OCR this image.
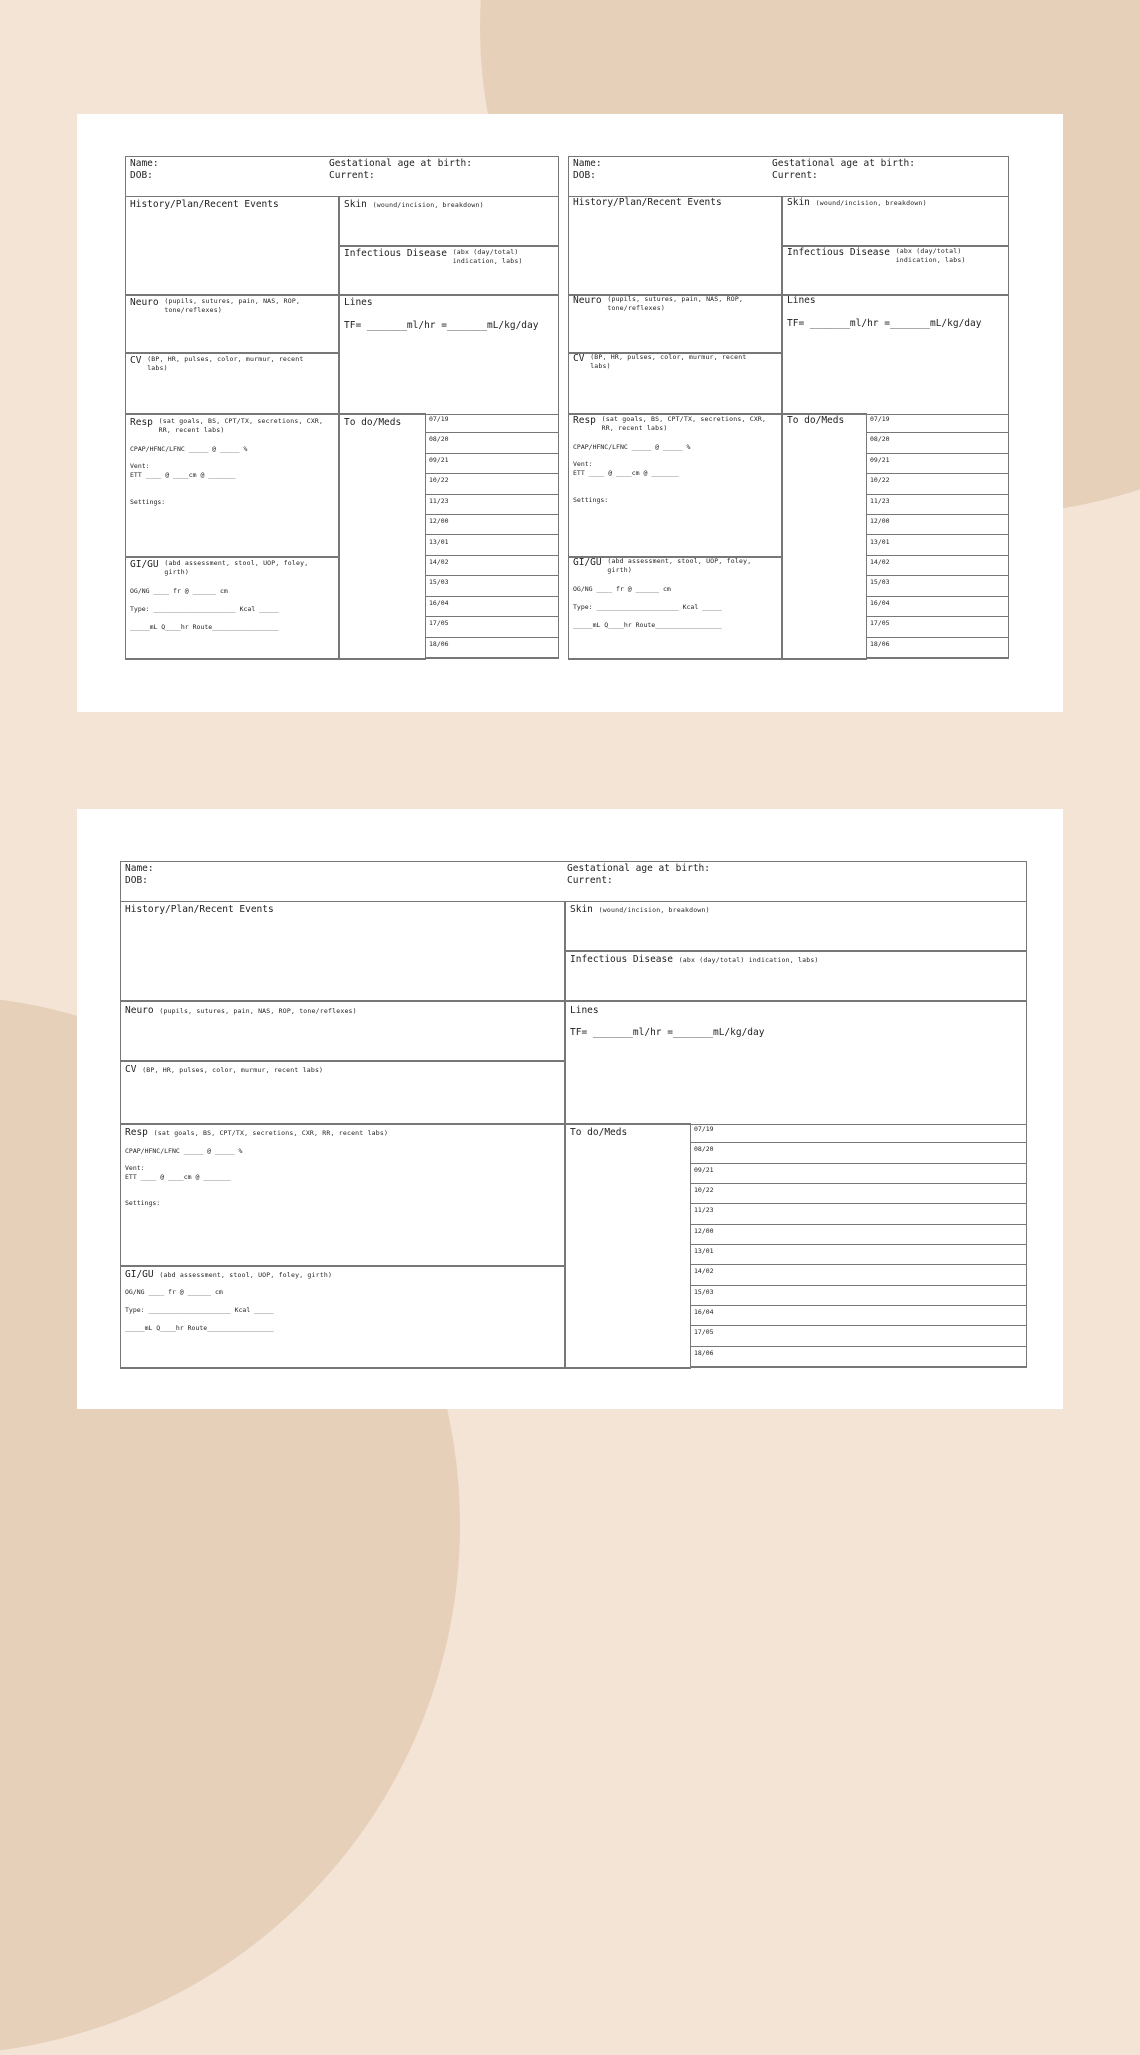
Name:
DOB:
Gestational age at birth:
Current:
History/Plan/Recent Events	Skin (wound/incision, breakdown)
Infectious Disease (abx (day/total) indication, labs)
Neuro (pupils, sutures, pain, NAS, ROP, tone/reflexes)
CV (BP, HR, pulses, color, murmur, recent labs)
Lines
TF= _______ml/hr =_______mL/kg/day
Resp (sat goals, BS, CPT/TX, secretions, CXR, RR, recent labs)
CPAP/HFNC/LFNC _____ @ _____ %
Vent:
ETT ____ @ ____cm @ _______
Settings:
GI/GU (abd assessment, stool, UOP, foley, girth)
OG/NG ____ fr @ ______ cm
Type: _____________________ Kcal _____
_____mL Q____hr Route_________________
To do/Meds	07/19
08/20
09/21
10/22
11/23
12/00
13/01
14/02
15/03
16/04
17/05
18/06
Name:
DOB:
Gestational age at birth:
Current:
History/Plan/Recent Events	Skin (wound/incision, breakdown)
Infectious Disease (abx (day/total) indication, labs)
Neuro (pupils, sutures, pain, NAS, ROP, tone/reflexes)
CV (BP, HR, pulses, color, murmur, recent labs)
Lines
TF= _______ml/hr =_______mL/kg/day
Resp (sat goals, BS, CPT/TX, secretions, CXR, RR, recent labs)
CPAP/HFNC/LFNC _____ @ _____ %
Vent:
ETT ____ @ ____cm @ _______
Settings:
GI/GU (abd assessment, stool, UOP, foley, girth)
OG/NG ____ fr @ ______ cm
Type: _____________________ Kcal _____
_____mL Q____hr Route_________________
To do/Meds	07/19
08/20
09/21
10/22
11/23
12/00
13/01
14/02
15/03
16/04
17/05
18/06
Name:
DOB:
Gestational age at birth:
Current:
History/Plan/Recent Events	Skin (wound/incision, breakdown)
Infectious Disease (abx (day/total) indication, labs)
Neuro (pupils, sutures, pain, NAS, ROP, tone/reflexes)
CV (BP, HR, pulses, color, murmur, recent labs)
Lines
TF= _______ml/hr =_______mL/kg/day
Resp (sat goals, BS, CPT/TX, secretions, CXR, RR, recent labs)
CPAP/HFNC/LFNC _____ @ _____ %
Vent:
ETT ____ @ ____cm @ _______
Settings:
GI/GU (abd assessment, stool, UOP, foley, girth)
OG/NG ____ fr @ ______ cm
Type: _____________________ Kcal _____
_____mL Q____hr Route_________________
To do/Meds	07/19
08/20
09/21
10/22
11/23
12/00
13/01
14/02
15/03
16/04
17/05
18/06
